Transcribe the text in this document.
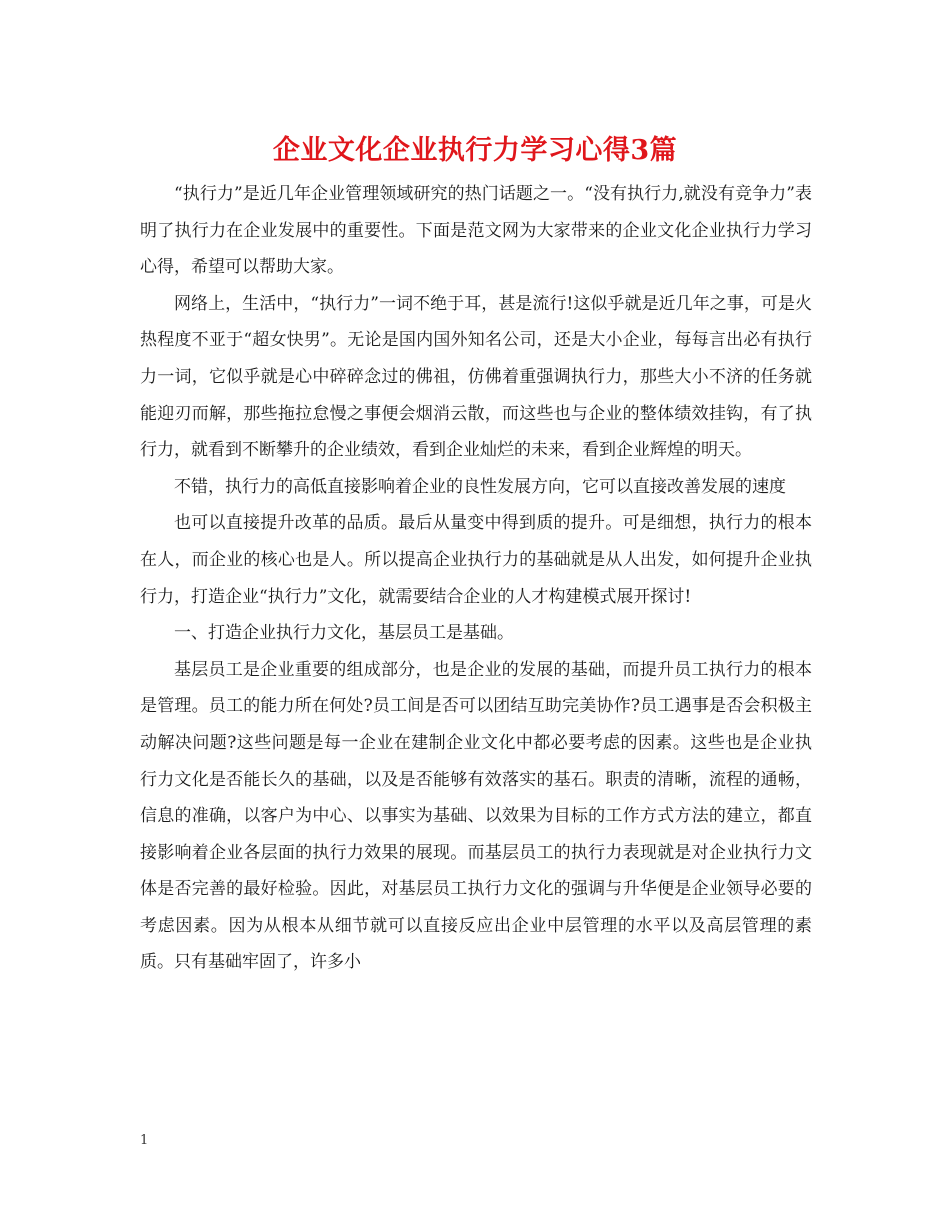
企业文化企业执行力学习心得3篇

“执行力”是近几年企业管理领域研究的热门话题之一。“没有执行力,就没有竞争力”表明了执行力在企业发展中的重要性。下面是范文网为大家带来的企业文化企业执行力学习心得，希望可以帮助大家。

网络上，生活中，“执行力”一词不绝于耳，甚是流行!这似乎就是近几年之事，可是火热程度不亚于“超女快男”。无论是国内国外知名公司，还是大小企业，每每言出必有执行力一词，它似乎就是心中碎碎念过的佛祖，仿佛着重强调执行力，那些大小不济的任务就能迎刃而解，那些拖拉怠慢之事便会烟消云散，而这些也与企业的整体绩效挂钩，有了执行力，就看到不断攀升的企业绩效，看到企业灿烂的未来，看到企业辉煌的明天。

不错，执行力的高低直接影响着企业的良性发展方向，它可以直接改善发展的速度

也可以直接提升改革的品质。最后从量变中得到质的提升。可是细想，执行力的根本在人，而企业的核心也是人。所以提高企业执行力的基础就是从人出发，如何提升企业执行力，打造企业“执行力”文化，就需要结合企业的人才构建模式展开探讨!

一、打造企业执行力文化，基层员工是基础。

基层员工是企业重要的组成部分，也是企业的发展的基础，而提升员工执行力的根本是管理。员工的能力所在何处?员工间是否可以团结互助完美协作?员工遇事是否会积极主动解决问题?这些问题是每一企业在建制企业文化中都必要考虑的因素。这些也是企业执行力文化是否能长久的基础，以及是否能够有效落实的基石。职责的清晰，流程的通畅，信息的准确，以客户为中心、以事实为基础、以效果为目标的工作方式方法的建立，都直接影响着企业各层面的执行力效果的展现。而基层员工的执行力表现就是对企业执行力文体是否完善的最好检验。因此，对基层员工执行力文化的强调与升华便是企业领导必要的考虑因素。因为从根本从细节就可以直接反应出企业中层管理的水平以及高层管理的素质。只有基础牢固了，许多小

1
